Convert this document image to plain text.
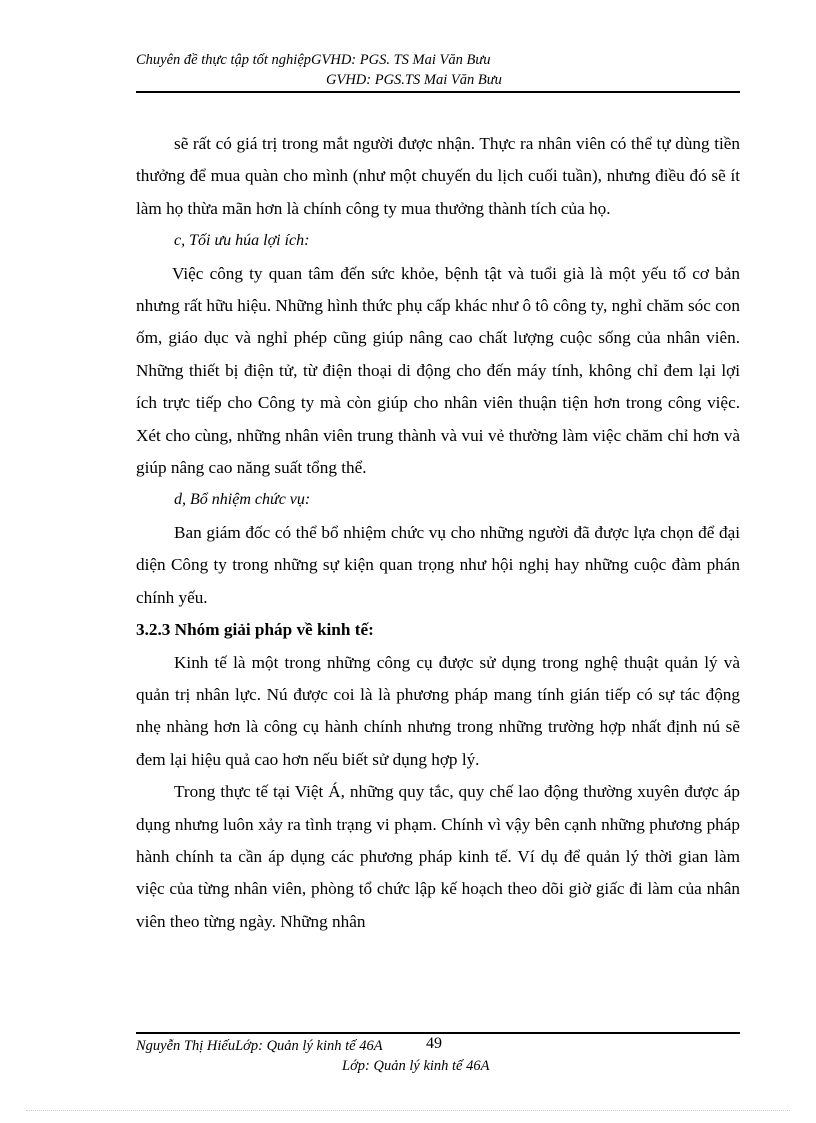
Chuyên đề thực tập tốt nghiệpGVHD: PGS. TS Mai Văn Bưu
GVHD: PGS.TS Mai Văn Bưu

sẽ rất có giá trị trong mắt người được nhận. Thực ra nhân viên có thể tự dùng tiền thưởng để mua quàn cho mình (như một chuyến du lịch cuối tuần), nhưng điều đó sẽ ít làm họ thừa mãn hơn là chính công ty mua thưởng thành tích của họ.

c, Tối ưu húa lợi ích:

Việc công ty quan tâm đến sức khỏe, bệnh tật và tuổi già là một yếu tố cơ bản nhưng rất hữu hiệu. Những hình thức phụ cấp khác như ô tô công ty, nghỉ chăm sóc con ốm, giáo dục và nghỉ phép cũng giúp nâng cao chất lượng cuộc sống của nhân viên. Những thiết bị điện tử, từ điện thoại di động cho đến máy tính, không chỉ đem lại lợi ích trực tiếp cho Công ty mà còn giúp cho nhân viên thuận tiện hơn trong công việc. Xét cho cùng, những nhân viên trung thành và vui vẻ thường làm việc chăm chỉ hơn và giúp nâng cao năng suất tổng thể.

d, Bổ nhiệm chức vụ:

Ban giám đốc có thể bổ nhiệm chức vụ cho những người đã được lựa chọn để đại diện Công ty trong những sự kiện quan trọng như hội nghị hay những cuộc đàm phán chính yếu.

3.2.3 Nhóm giải pháp về kinh tế:

Kinh tế là một trong những công cụ được sử dụng trong nghệ thuật quản lý và quản trị nhân lực. Nú được coi là là phương pháp mang tính gián tiếp có sự tác động nhẹ nhàng hơn là công cụ hành chính nhưng trong những trường hợp nhất định nú sẽ đem lại hiệu quả cao hơn nếu biết sử dụng hợp lý.

Trong thực tế tại Việt Á, những quy tắc, quy chế lao động thường xuyên được áp dụng nhưng luôn xảy ra tình trạng vi phạm. Chính vì vậy bên cạnh những phương pháp hành chính ta cần áp dụng các phương pháp kinh tế. Ví dụ để quản lý thời gian làm việc của từng nhân viên, phòng tổ chức lập kế hoạch theo dõi giờ giấc đi làm của nhân viên theo từng ngày. Những nhân

Nguyễn Thị HiếuLớp: Quản lý kinh tế 46A	49
Lớp: Quản lý kinh tế 46A
